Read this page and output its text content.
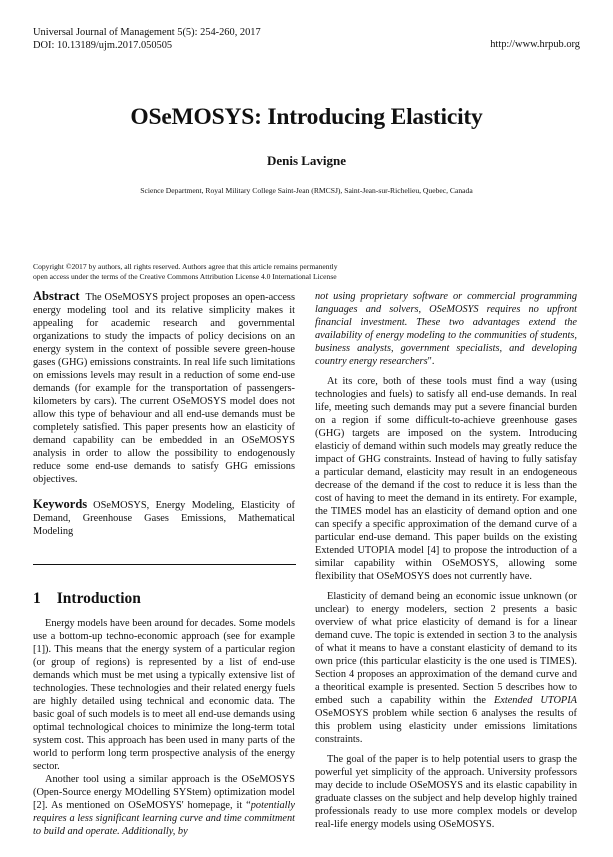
Universal Journal of Management 5(5): 254-260, 2017
DOI: 10.13189/ujm.2017.050505	http://www.hrpub.org
OSeMOSYS: Introducing Elasticity
Denis Lavigne
Science Department, Royal Military College Saint-Jean (RMCSJ), Saint-Jean-sur-Richelieu, Quebec, Canada
Copyright ©2017 by authors, all rights reserved. Authors agree that this article remains permanently
open access under the terms of the Creative Commons Attribution License 4.0 International License

Abstract The OSeMOSYS project proposes an open-access energy modeling tool and its relative simplicity makes it appealing for academic research and governmental organizations to study the impacts of policy decisions on an energy system in the context of possible severe green-house gases (GHG) emissions constraints. In real life such limitations on emissions levels may result in a reduction of some end-use demands (for example for the transportation of passengers-kilometers by cars). The current OSeMOSYS model does not allow this type of behaviour and all end-use demands must be completely satisfied. This paper presents how an elasticity of demand capability can be embedded in an OSeMOSYS analysis in order to allow the possibility to endogenously reduce some end-use demands to satisfy GHG emissions objectives.

Keywords OSeMOSYS, Energy Modeling, Elasticity of Demand, Greenhouse Gases Emissions, Mathematical Modeling

1 Introduction

Energy models have been around for decades. Some models use a bottom-up techno-economic approach (see for example [1]). This means that the energy system of a particular region (or group of regions) is represented by a list of end-use demands which must be met using a typically extensive list of technologies. These technologies and their related energy fuels are highly detailed using technical and economic data. The basic goal of such models is to meet all end-use demands using optimal technological choices to minimize the long-term total system cost. This approach has been used in many parts of the world to perform long term prospective analysis of the energy sector.

Another tool using a similar approach is the OSeMOSYS (Open-Source energy MOdelling SYStem) optimization model [2]. As mentioned on OSeMOSYS' homepage, it “potentially requires a less significant learning curve and time commitment to build and operate. Additionally, by

not using proprietary software or commercial programming languages and solvers, OSeMOSYS requires no upfront financial investment. These two advantages extend the availability of energy modeling to the communities of students, business analysts, government specialists, and developing country energy researchers".

At its core, both of these tools must find a way (using technologies and fuels) to satisfy all end-use demands. In real life, meeting such demands may put a severe financial burden on a region if some difficult-to-achieve greenhouse gases (GHG) targets are imposed on the system. Introducing elasticiy of demand within such models may greatly reduce the impact of GHG constraints. Instead of having to fully satisfay a particular demand, elasticity may result in an endogeneous decrease of the demand if the cost to reduce it is less than the cost of having to meet the demand in its entirety. For example, the TIMES model has an elasticity of demand option and one can specify a specific approximation of the demand curve of a particular end-use demand. This paper builds on the existing Extended UTOPIA model [4] to propose the introduction of a similar capability within OSeMOSYS, allowing some flexibility that OSeMOSYS does not currently have.

Elasticity of demand being an economic issue unknown (or unclear) to energy modelers, section 2 presents a basic overview of what price elasticity of demand is for a linear demand cuve. The topic is extended in section 3 to the analysis of what it means to have a constant elasticity of demand to its own price (this particular elasticity is the one used is TIMES). Section 4 proposes an approximation of the demand curve and a theoritical example is presented. Section 5 describes how to embed such a capability within the Extended UTOPIA OSeMOSYS problem while section 6 analyses the results of this problem using elasticity under emissions limitations constraints.

The goal of the paper is to help potential users to grasp the powerful yet simplicity of the approach. University professors may decide to include OSeMOSYS and its elastic capability in graduate classes on the subject and help develop highly trained professionals ready to use more complex models or develop real-life energy models using OSeMOSYS.
